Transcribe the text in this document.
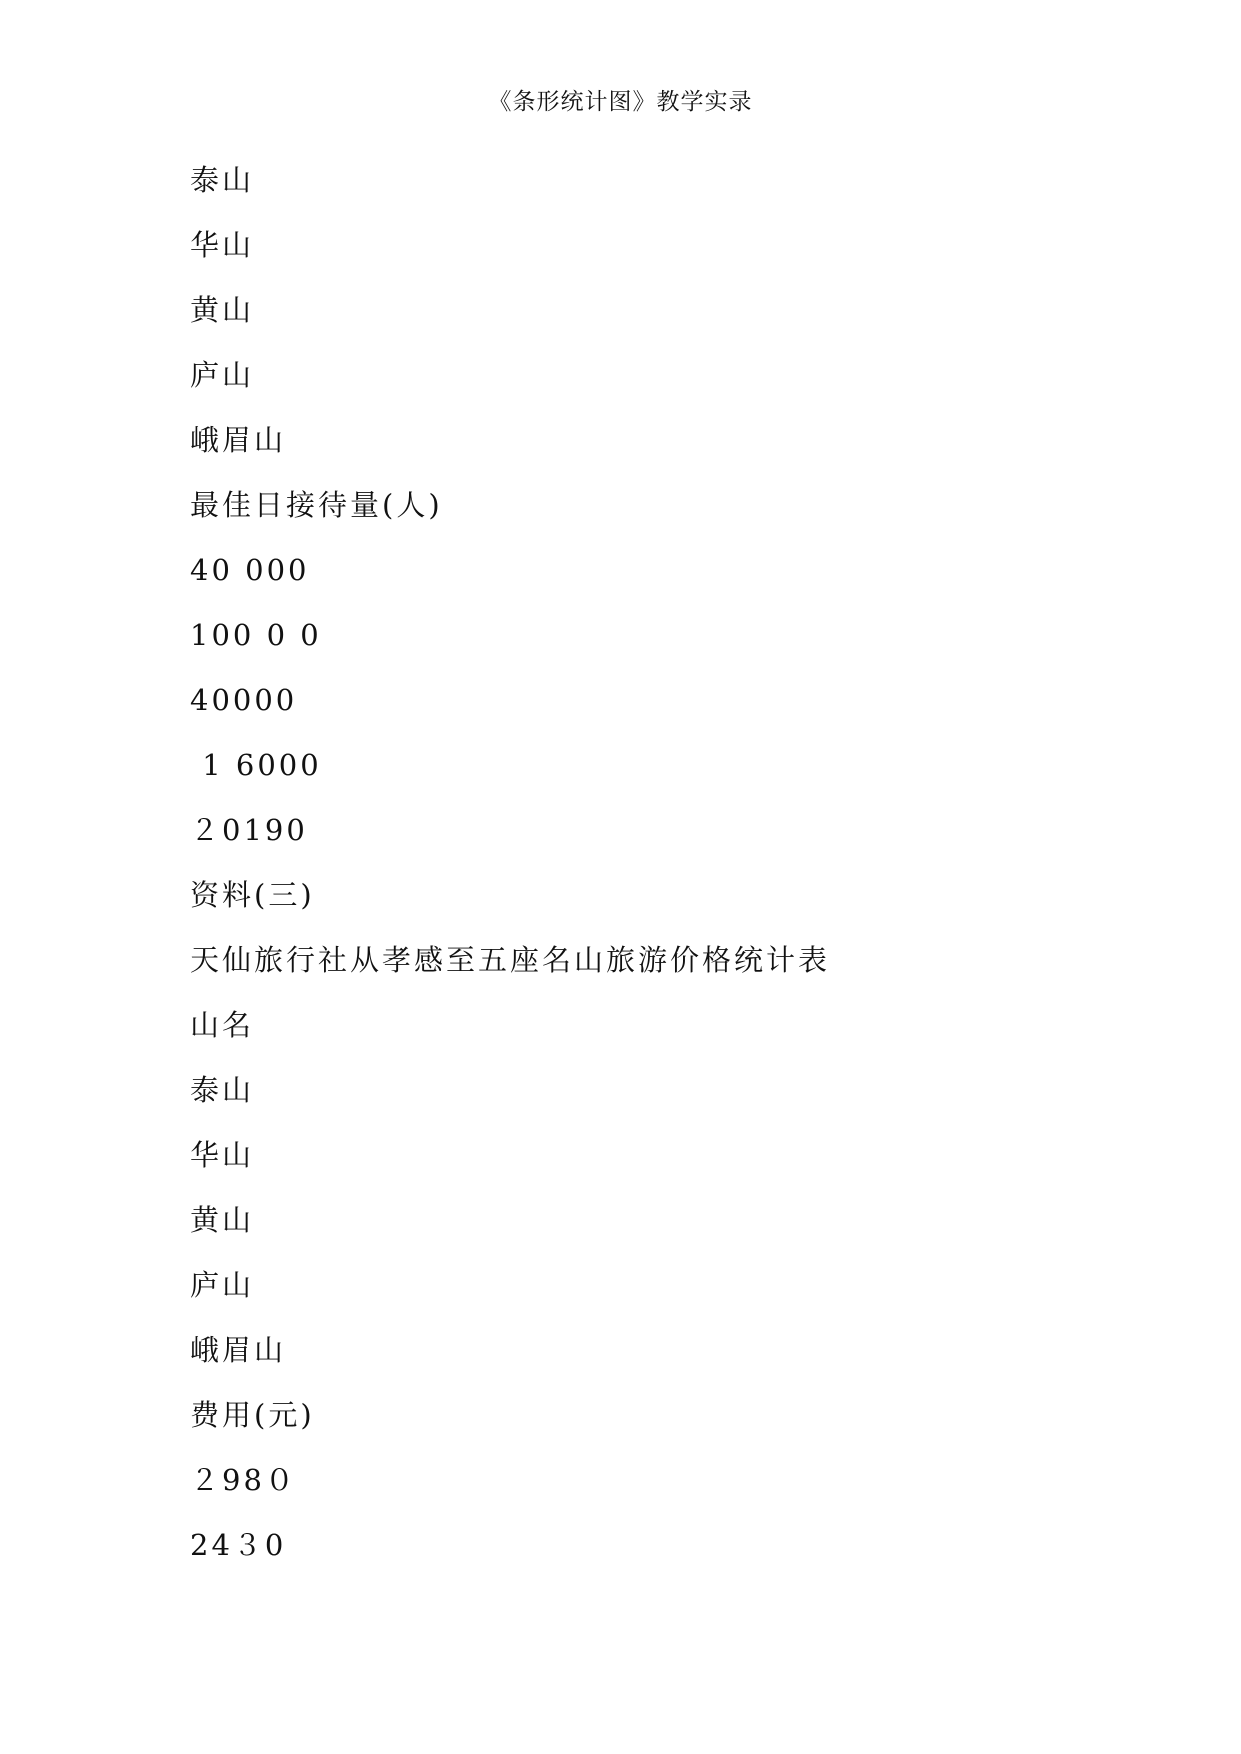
《条形统计图》教学实录
泰山
华山
黄山
庐山
峨眉山
最佳日接待量(人)
40 000
100 0 0
40000
1 6000
２0190
资料(三)
天仙旅行社从孝感至五座名山旅游价格统计表
山名
泰山
华山
黄山
庐山
峨眉山
费用(元)
２98０
24３0
